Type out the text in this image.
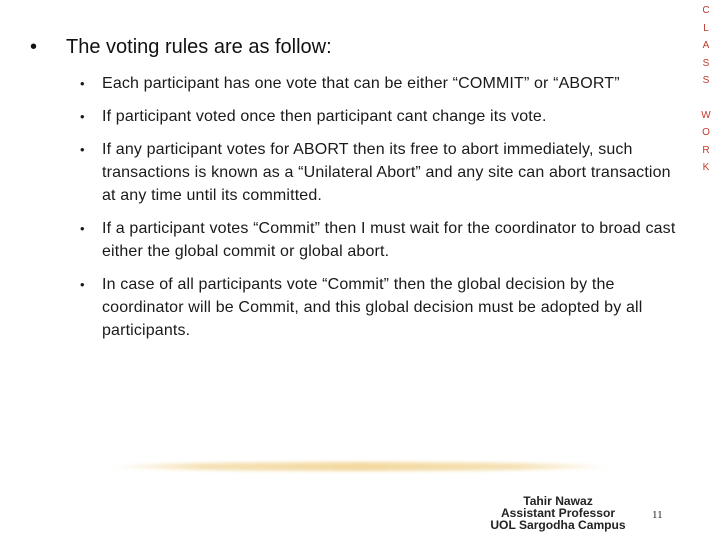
C
L
A
S
S
W
O
R
K
• The voting rules are as follow:
• Each participant has one vote that can be either “COMMIT” or “ABORT”
• If participant voted once then participant cant change its vote.
• If any participant votes for ABORT then its free to abort immediately, such transactions is known as a “Unilateral Abort” and any site can abort transaction at any time until its committed.
• If a participant votes “Commit” then I must wait for the coordinator to broad cast either the global commit or global abort.
• In case of all participants vote “Commit” then the global decision by the coordinator will be Commit, and this global decision must be adopted by all participants.
Tahir Nawaz
Assistant Professor
UOL Sargodha Campus
11
